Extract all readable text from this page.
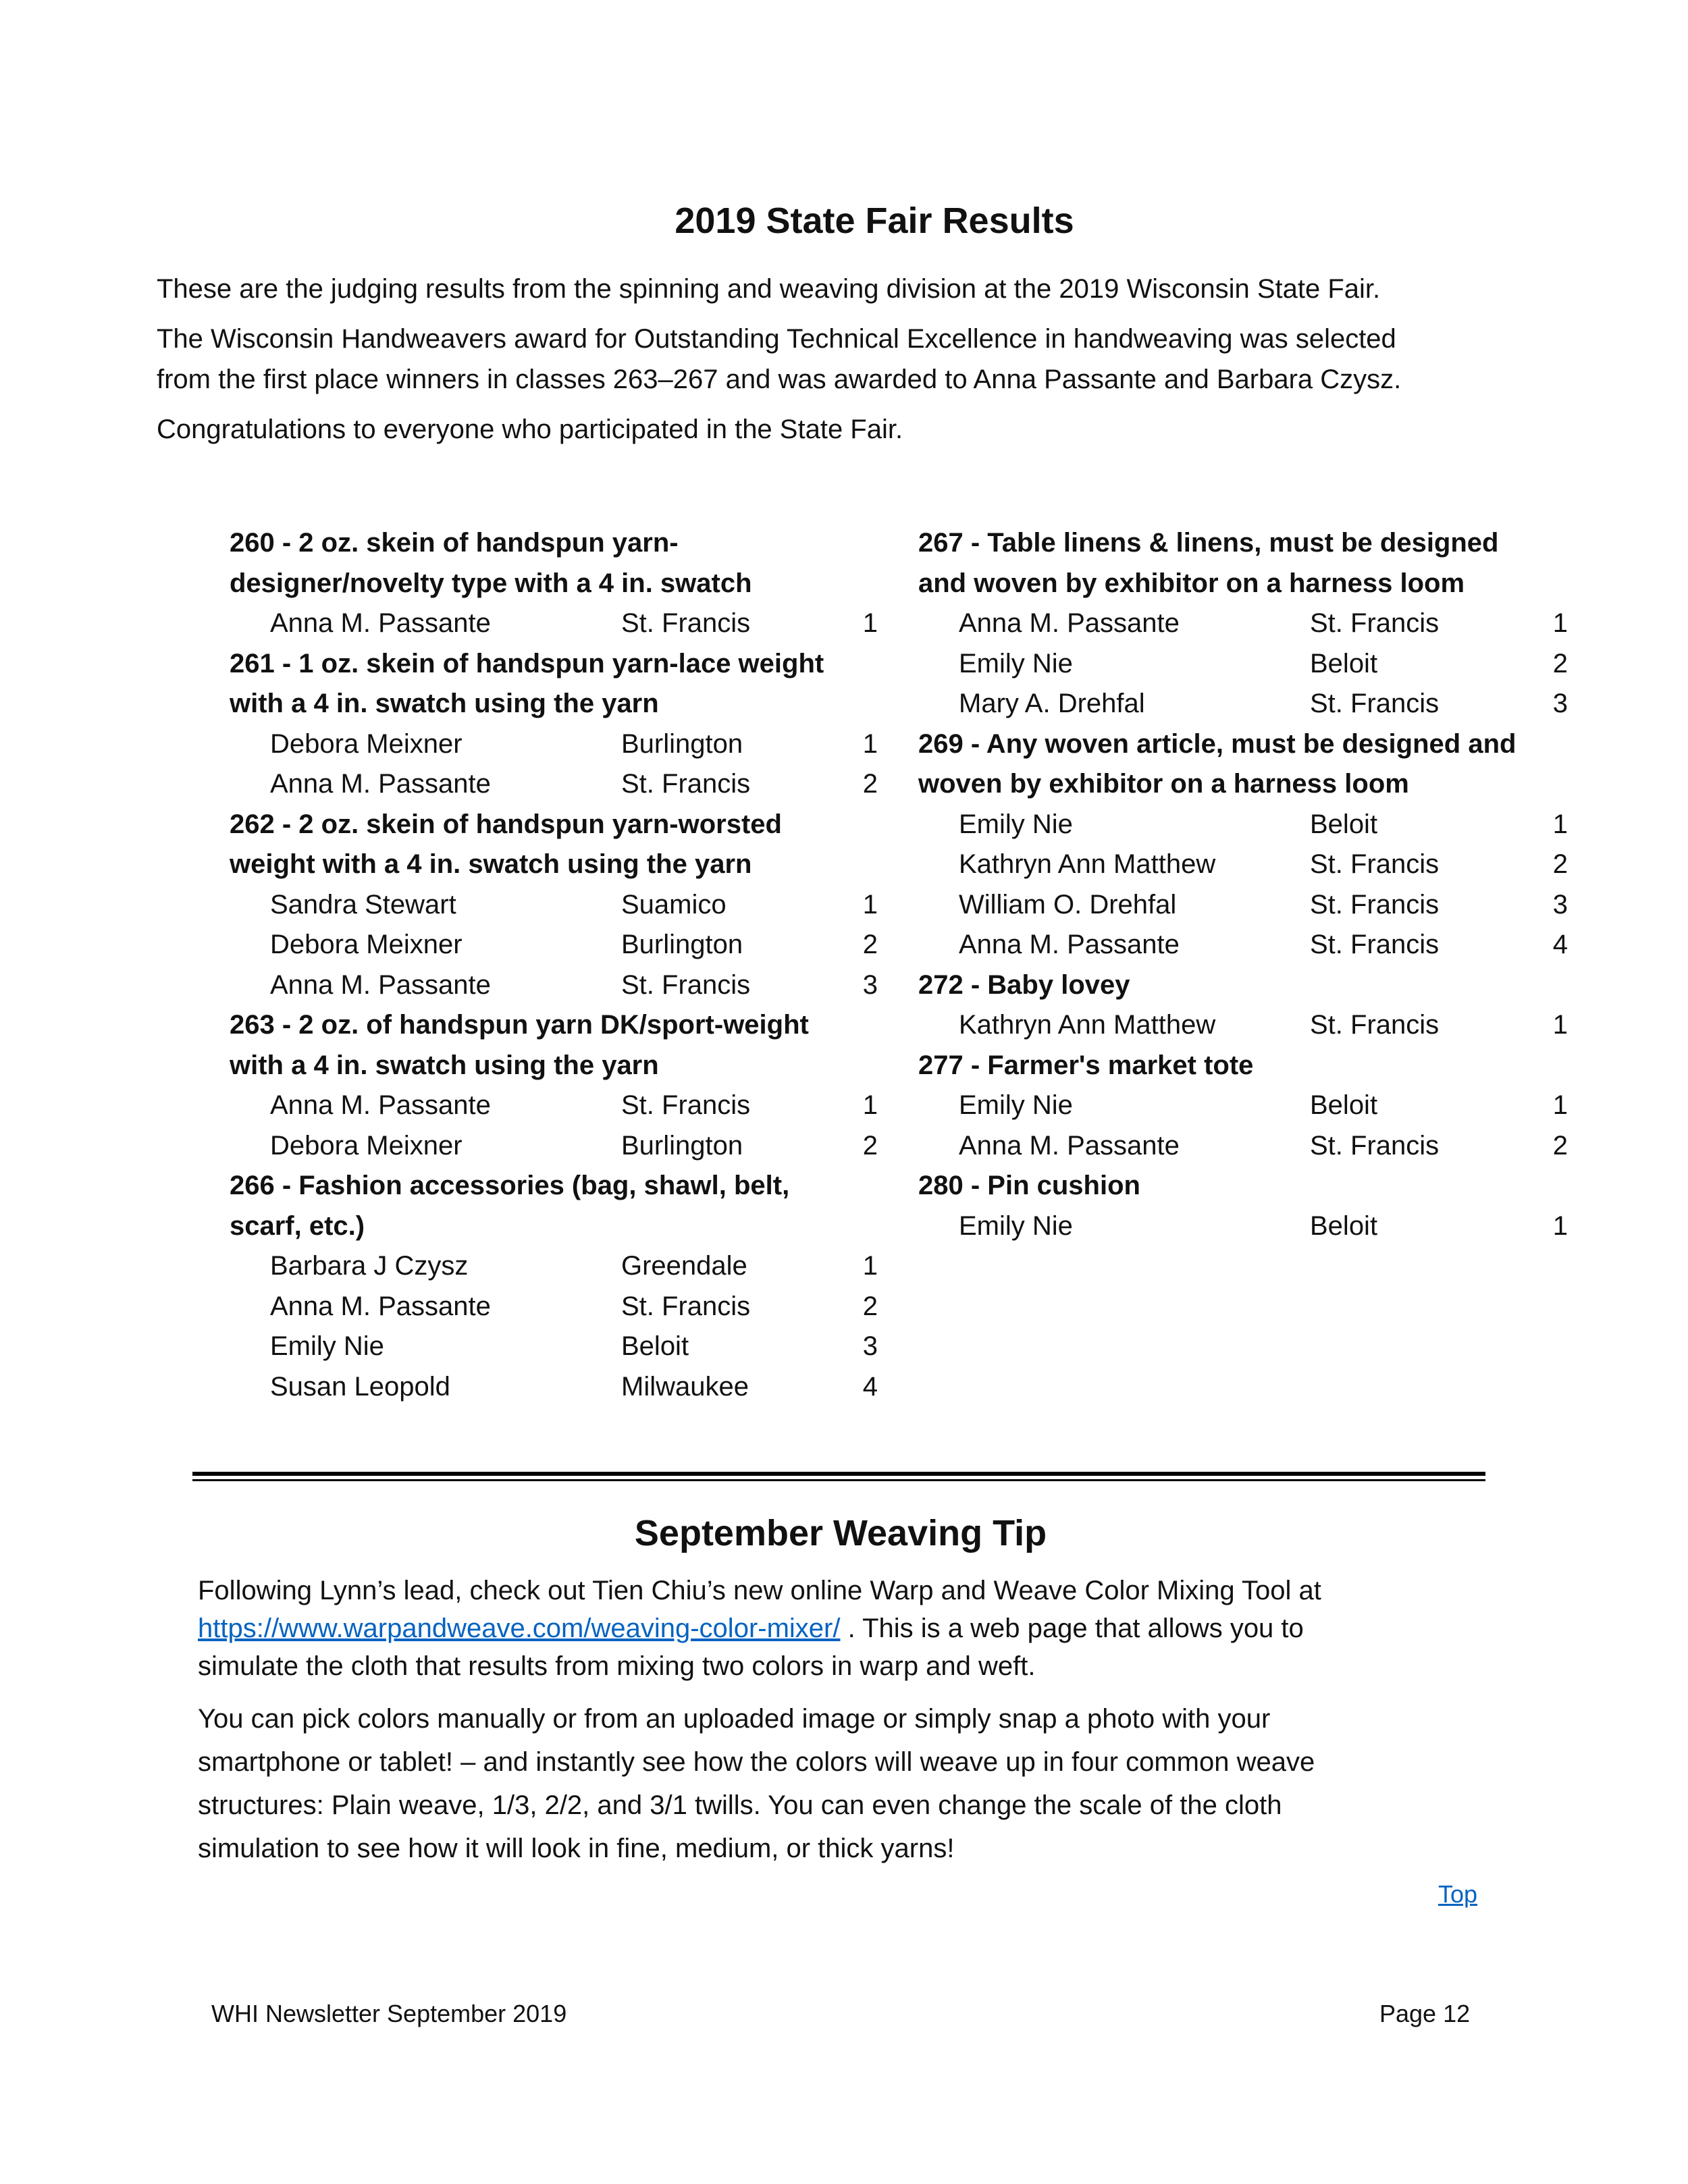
2019 State Fair Results
These are the judging results from the spinning and weaving division at the 2019 Wisconsin State Fair.
The Wisconsin Handweavers award for Outstanding Technical Excellence in handweaving was selected
from the first place winners in classes 263–267 and was awarded to Anna Passante and Barbara Czysz.
Congratulations to everyone who participated in the State Fair.
260 - 2 oz. skein of handspun yarn-
designer/novelty type with a 4 in. swatch
Anna M. Passante	St. Francis	1
261 - 1 oz. skein of handspun yarn-lace weight
with a 4 in. swatch using the yarn
Debora Meixner	Burlington	1
Anna M. Passante	St. Francis	2
262 - 2 oz. skein of handspun yarn-worsted
weight with a 4 in. swatch using the yarn
Sandra Stewart	Suamico	1
Debora Meixner	Burlington	2
Anna M. Passante	St. Francis	3
263 - 2 oz. of handspun yarn DK/sport-weight
with a 4 in. swatch using the yarn
Anna M. Passante	St. Francis	1
Debora Meixner	Burlington	2
266 - Fashion accessories (bag, shawl, belt,
scarf, etc.)
Barbara J Czysz	Greendale	1
Anna M. Passante	St. Francis	2
Emily Nie	Beloit	3
Susan Leopold	Milwaukee	4
267 - Table linens & linens, must be designed
and woven by exhibitor on a harness loom
Anna M. Passante	St. Francis	1
Emily Nie	Beloit	2
Mary A. Drehfal	St. Francis	3
269 - Any woven article, must be designed and
woven by exhibitor on a harness loom
Emily Nie	Beloit	1
Kathryn Ann Matthew	St. Francis	2
William O. Drehfal	St. Francis	3
Anna M. Passante	St. Francis	4
272 - Baby lovey
Kathryn Ann Matthew	St. Francis	1
277 - Farmer's market tote
Emily Nie	Beloit	1
Anna M. Passante	St. Francis	2
280 - Pin cushion
Emily Nie	Beloit	1
September Weaving Tip
Following Lynn’s lead, check out Tien Chiu’s new online Warp and Weave Color Mixing Tool at
https://www.warpandweave.com/weaving-color-mixer/ . This is a web page that allows you to
simulate the cloth that results from mixing two colors in warp and weft.
You can pick colors manually or from an uploaded image or simply snap a photo with your
smartphone or tablet! – and instantly see how the colors will weave up in four common weave
structures: Plain weave, 1/3, 2/2, and 3/1 twills. You can even change the scale of the cloth
simulation to see how it will look in fine, medium, or thick yarns!
Top
WHI Newsletter September 2019	Page 12
